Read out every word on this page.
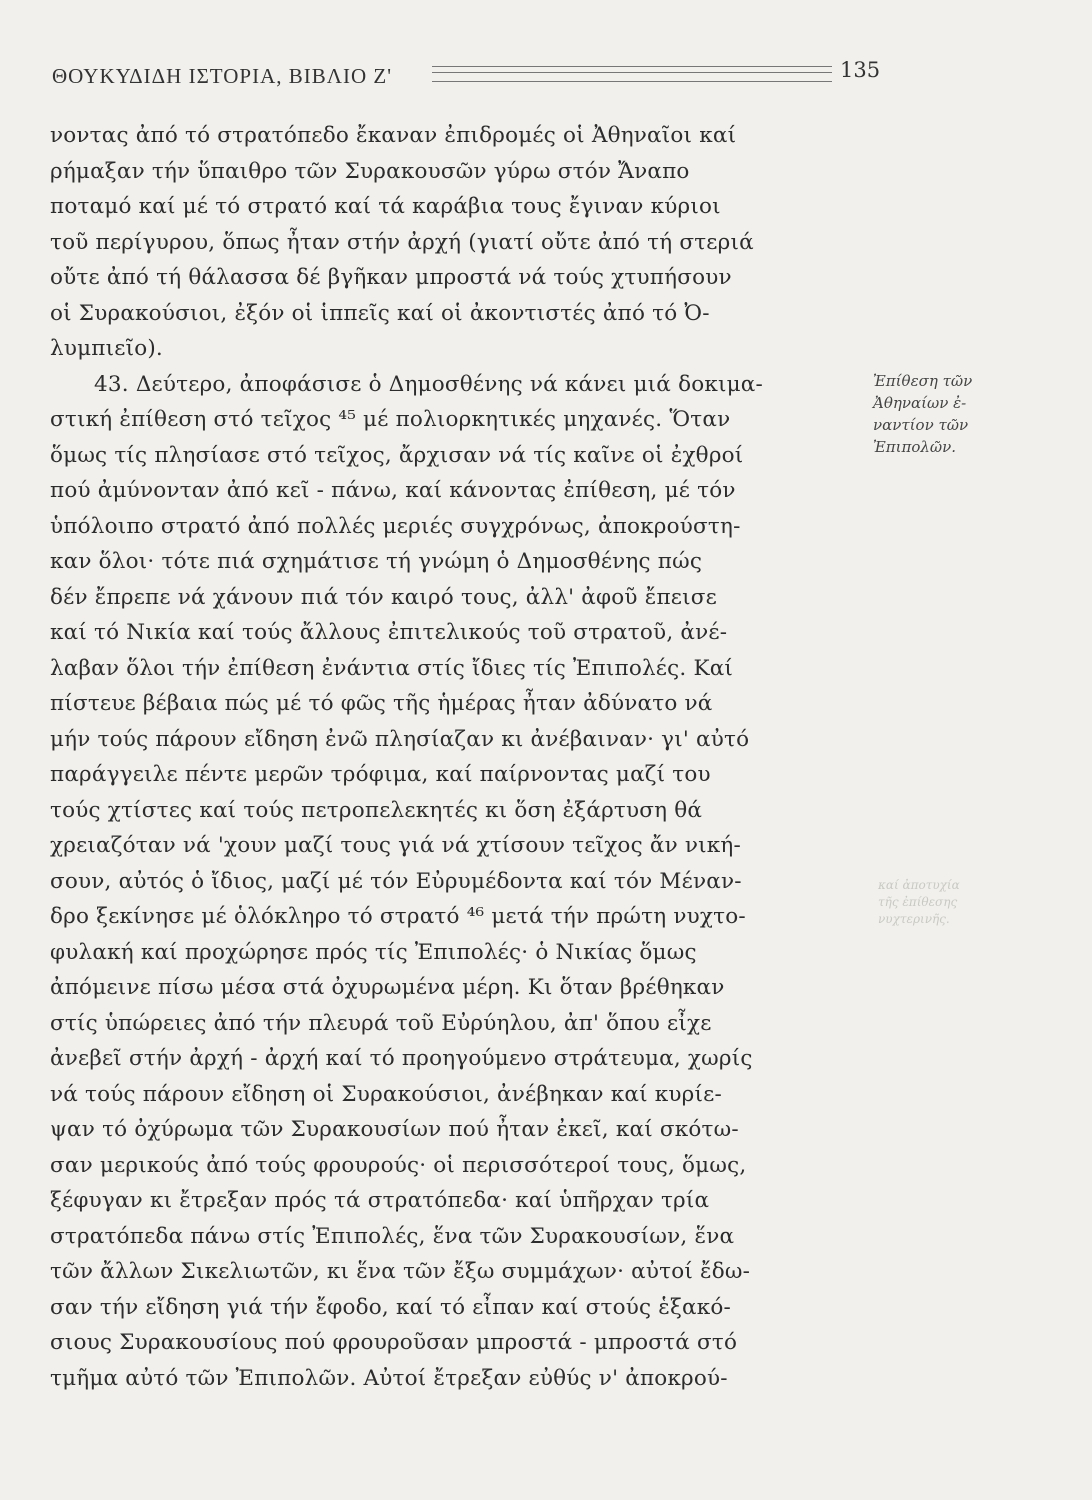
ΘΟΥΚΥΔΙΔΗ ΙΣΤΟΡΙΑ, ΒΙΒΛΙΟ Ζ'	135
νοντας ἀπό τό στρατόπεδο ἔκαναν ἐπιδρομές οἱ Ἀθηναῖοι καί
ρήμαξαν τήν ὕπαιθρο τῶν Συρακουσῶν γύρω στόν Ἄναπο
ποταμό καί μέ τό στρατό καί τά καράβια τους ἔγιναν κύριοι
τοῦ περίγυρου, ὅπως ἦταν στήν ἀρχή (γιατί οὔτε ἀπό τή στεριά
οὔτε ἀπό τή θάλασσα δέ βγῆκαν μπροστά νά τούς χτυπήσουν
οἱ Συρακούσιοι, ἐξόν οἱ ἱππεῖς καί οἱ ἀκοντιστές ἀπό τό Ὀ-
λυμπιεῖο).
43. Δεύτερο, ἀποφάσισε ὁ Δημοσθένης νά κάνει μιά δοκιμα-
στική ἐπίθεση στό τεῖχος ⁴⁵ μέ πολιορκητικές μηχανές. Ὅταν
ὅμως τίς πλησίασε στό τεῖχος, ἄρχισαν νά τίς καῖνε οἱ ἐχθροί
πού ἀμύνονταν ἀπό κεῖ - πάνω, καί κάνοντας ἐπίθεση, μέ τόν
ὑπόλοιπο στρατό ἀπό πολλές μεριές συγχρόνως, ἀποκρούστη-
καν ὅλοι· τότε πιά σχημάτισε τή γνώμη ὁ Δημοσθένης πώς
δέν ἔπρεπε νά χάνουν πιά τόν καιρό τους, ἀλλ' ἀφοῦ ἔπεισε
καί τό Νικία καί τούς ἄλλους ἐπιτελικούς τοῦ στρατοῦ, ἀνέ-
λαβαν ὅλοι τήν ἐπίθεση ἐνάντια στίς ἴδιες τίς Ἐπιπολές. Καί
πίστευε βέβαια πώς μέ τό φῶς τῆς ἡμέρας ἦταν ἀδύνατο νά
μήν τούς πάρουν εἴδηση ἐνῶ πλησίαζαν κι ἀνέβαιναν· γι' αὐτό
παράγγειλε πέντε μερῶν τρόφιμα, καί παίρνοντας μαζί του
τούς χτίστες καί τούς πετροπελεκητές κι ὅση ἐξάρτυση θά
χρειαζόταν νά 'χουν μαζί τους γιά νά χτίσουν τεῖχος ἄν νική-
σουν, αὐτός ὁ ἴδιος, μαζί μέ τόν Εὐρυμέδοντα καί τόν Μέναν-
δρο ξεκίνησε μέ ὁλόκληρο τό στρατό ⁴⁶ μετά τήν πρώτη νυχτο-
φυλακή καί προχώρησε πρός τίς Ἐπιπολές· ὁ Νικίας ὅμως
ἀπόμεινε πίσω μέσα στά ὀχυρωμένα μέρη. Κι ὅταν βρέθηκαν
στίς ὑπώρειες ἀπό τήν πλευρά τοῦ Εὐρύηλου, ἀπ' ὅπου εἶχε
ἀνεβεῖ στήν ἀρχή - ἀρχή καί τό προηγούμενο στράτευμα, χωρίς
νά τούς πάρουν εἴδηση οἱ Συρακούσιοι, ἀνέβηκαν καί κυρίε-
ψαν τό ὀχύρωμα τῶν Συρακουσίων πού ἦταν ἐκεῖ, καί σκότω-
σαν μερικούς ἀπό τούς φρουρούς· οἱ περισσότεροί τους, ὅμως,
ξέφυγαν κι ἔτρεξαν πρός τά στρατόπεδα· καί ὑπῆρχαν τρία
στρατόπεδα πάνω στίς Ἐπιπολές, ἕνα τῶν Συρακουσίων, ἕνα
τῶν ἄλλων Σικελιωτῶν, κι ἕνα τῶν ἔξω συμμάχων· αὐτοί ἔδω-
σαν τήν εἴδηση γιά τήν ἔφοδο, καί τό εἶπαν καί στούς ἑξακό-
σιους Συρακουσίους πού φρουροῦσαν μπροστά - μπροστά στό
τμῆμα αὐτό τῶν Ἐπιπολῶν. Αὐτοί ἔτρεξαν εὐθύς ν' ἀποκρού-
Ἐπίθεση τῶν
Ἀθηναίων ἐ-
ναντίον τῶν
Ἐπιπολῶν.
καί ἀποτυχία
τῆς ἐπίθεσης
νυχτερινῆς.
